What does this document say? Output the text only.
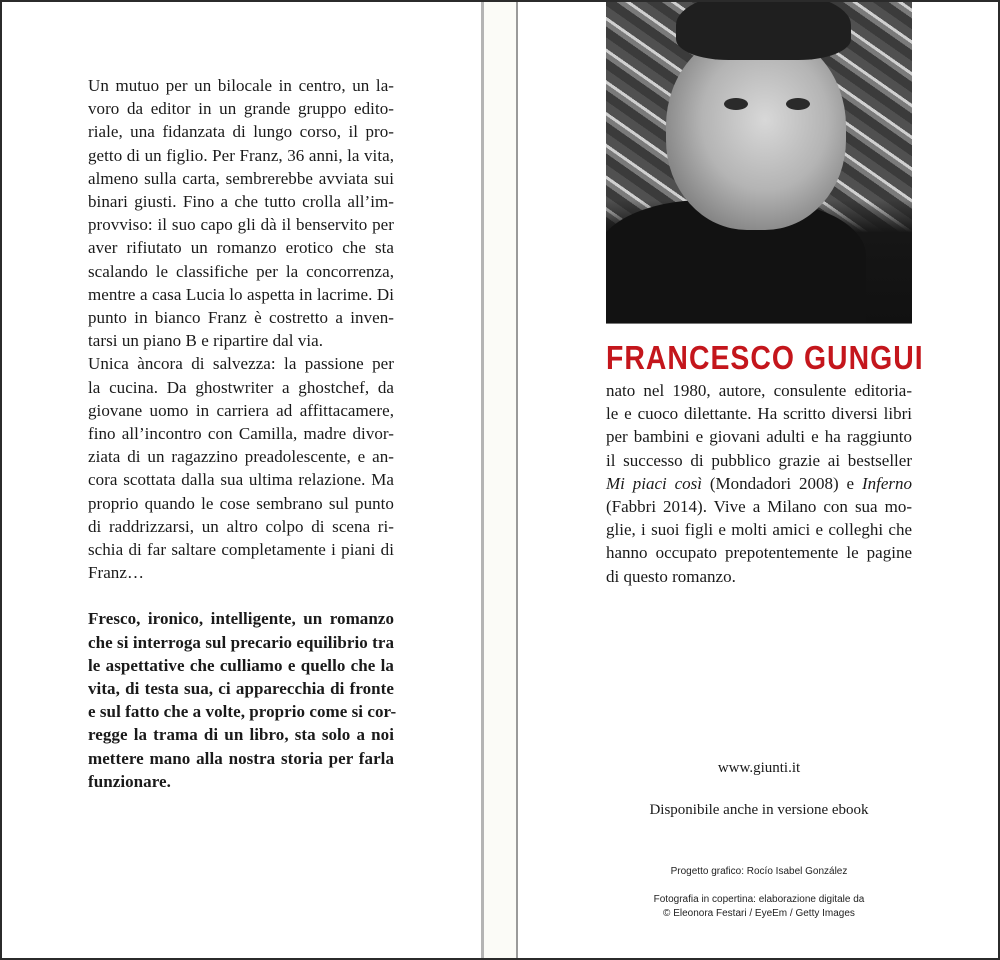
Un mutuo per un bilocale in centro, un la-
voro da editor in un grande gruppo edito-
riale, una fidanzata di lungo corso, il pro-
getto di un figlio. Per Franz, 36 anni, la vita,
almeno sulla carta, sembrerebbe avviata sui
binari giusti. Fino a che tutto crolla all’im-
provviso: il suo capo gli dà il benservito per
aver rifiutato un romanzo erotico che sta
scalando le classifiche per la concorrenza,
mentre a casa Lucia lo aspetta in lacrime. Di
punto in bianco Franz è costretto a inven-
tarsi un piano B e ripartire dal via.
Unica àncora di salvezza: la passione per
la cucina. Da ghostwriter a ghostchef, da
giovane uomo in carriera ad affittacamere,
fino all’incontro con Camilla, madre divor-
ziata di un ragazzino preadolescente, e an-
cora scottata dalla sua ultima relazione. Ma
proprio quando le cose sembrano sul punto
di raddrizzarsi, un altro colpo di scena ri-
schia di far saltare completamente i piani di
Franz…

Fresco, ironico, intelligente, un romanzo
che si interroga sul precario equilibrio tra
le aspettative che culliamo e quello che la
vita, di testa sua, ci apparecchia di fronte
e sul fatto che a volte, proprio come si cor-
regge la trama di un libro, sta solo a noi
mettere mano alla nostra storia per farla
funzionare.

FRANCESCO GUNGUI
nato nel 1980, autore, consulente editoria-
le e cuoco dilettante. Ha scritto diversi libri
per bambini e giovani adulti e ha raggiunto
il successo di pubblico grazie ai bestseller
Mi piaci così (Mondadori 2008) e Inferno
(Fabbri 2014). Vive a Milano con sua mo-
glie, i suoi figli e molti amici e colleghi che
hanno occupato prepotentemente le pagine
di questo romanzo.
www.giunti.it
Disponibile anche in versione ebook
Progetto grafico: Rocío Isabel González
Fotografia in copertina: elaborazione digitale da
© Eleonora Festari / EyeEm / Getty Images
